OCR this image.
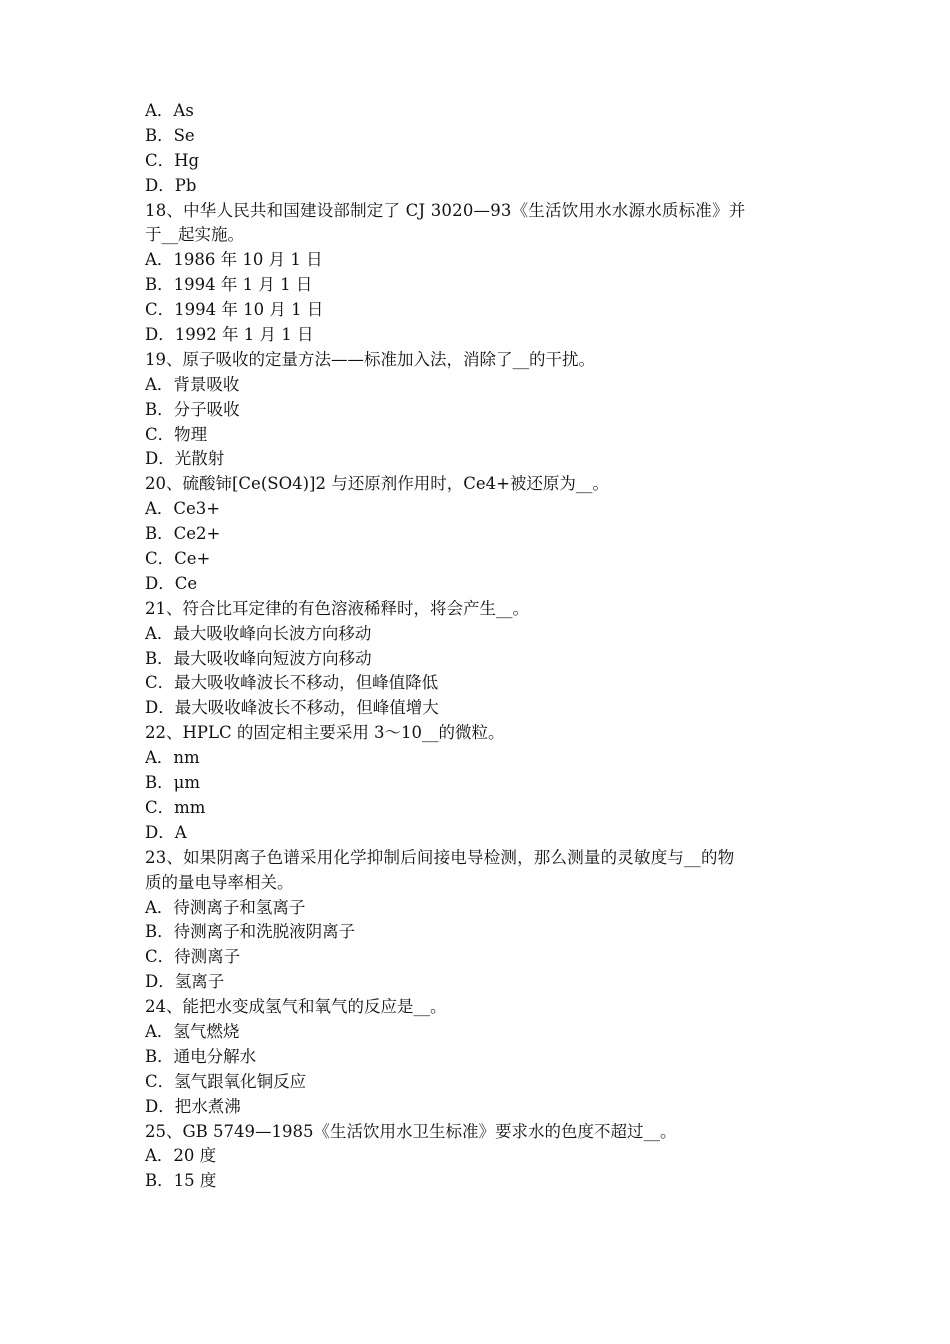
A．As
B．Se
C．Hg
D．Pb
18、中华人民共和国建设部制定了 CJ 3020—93《生活饮用水水源水质标准》并
于__起实施。
A．1986 年 10 月 1 日
B．1994 年 1 月 1 日
C．1994 年 10 月 1 日
D．1992 年 1 月 1 日
19、原子吸收的定量方法——标准加入法，消除了__的干扰。
A．背景吸收
B．分子吸收
C．物理
D．光散射
20、硫酸铈[Ce(SO4)]2 与还原剂作用时，Ce4+被还原为__。
A．Ce3+
B．Ce2+
C．Ce+
D．Ce
21、符合比耳定律的有色溶液稀释时，将会产生__。
A．最大吸收峰向长波方向移动
B．最大吸收峰向短波方向移动
C．最大吸收峰波长不移动，但峰值降低
D．最大吸收峰波长不移动，但峰值增大
22、HPLC 的固定相主要采用 3～10__的微粒。
A．nm
B．μm
C．mm
D．A
23、如果阴离子色谱采用化学抑制后间接电导检测，那么测量的灵敏度与__的物
质的量电导率相关。
A．待测离子和氢离子
B．待测离子和洗脱液阴离子
C．待测离子
D．氢离子
24、能把水变成氢气和氧气的反应是__。
A．氢气燃烧
B．通电分解水
C．氢气跟氧化铜反应
D．把水煮沸
25、GB 5749—1985《生活饮用水卫生标准》要求水的色度不超过__。
A．20 度
B．15 度
